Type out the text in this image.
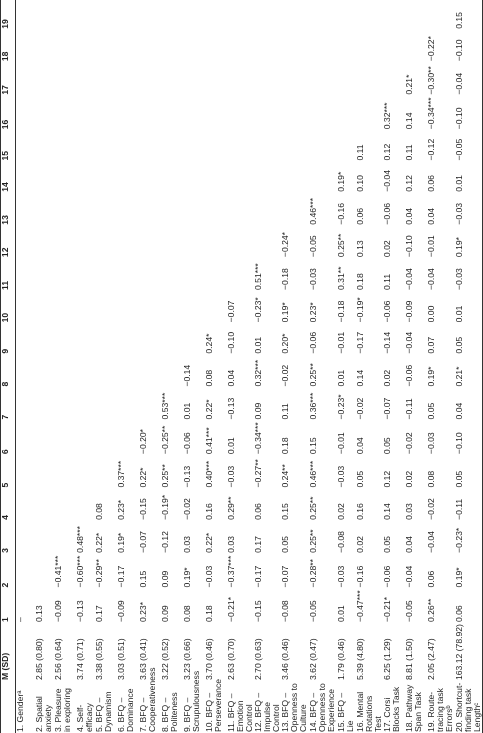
	M (SD)	1	2	3	4	5	6	7	8	9	10	11	12	13	14	15	16	17	18	19
1. Genderᵃ		–																		
2. Spatial anxiety	2.85 (0.80)	0.13																		
3. Pleasure in exploring	2.56 (0.64)	−0.09	−0.41***																	
4. Self-efficacy	3.74 (0.71)	−0.13	−0.60***	0.48***																
5. BFQ – Dynamism	3.38 (0.55)	0.17	−0.29**	0.22*	0.08															
6. BFQ – Dominance	3.03 (0.51)	−0.09	−0.17	0.19*	0.23*	0.37***														
7. BFQ – Cooperativeness	3.63 (0.41)	0.23*	0.15	−0.07	−0.15	0.22*	−0.20*													
8. BFQ – Politeness	3.22 (0.52)	0.09	0.09	−0.12	−0.19*	0.25**	−0.25**	0.53***												
9. BFQ – Scrupulousness	3.23 (0.66)	0.08	0.19*	0.03	−0.02	−0.13	−0.06	0.01	−0.14											
10. BFQ – Perseverance	3.70 (0.46)	0.18	−0.03	0.22*	0.16	0.40***	0.41***	0.22*	0.08	0.24*										
11. BFQ – Emotion Control	2.63 (0.70)	−0.21*	−0.37***	0.03	0.29**	−0.03	0.01	−0.13	0.04	−0.10	−0.07									
12. BFQ – Impulse Control	2.70 (0.63)	−0.15	−0.17	0.17	0.06	−0.27**	−0.34***	0.09	0.32***	0.01	−0.23*	0.51***								
13. BFQ – Openness to Culture	3.46 (0.46)	−0.08	−0.07	0.05	0.15	0.24**	0.18	0.11	−0.02	0.20*	0.19*	−0.18	−0.24*							
14. BFQ – Openness to Experience	3.62 (0.47)	−0.05	−0.28**	0.25**	0.25**	0.46***	0.15	0.36***	0.25**	−0.06	0.23*	−0.03	−0.05	0.46***						
15. BFQ – Lie	1.79 (0.46)	0.01	−0.03	−0.08	0.02	−0.03	−0.01	−0.23*	0.01	−0.01	−0.18	0.31**	0.25**	−0.16	0.19*					
16. Mental Rotations Test	5.39 (4.80)	−0.47***	−0.16	0.02	0.16	0.05	0.04	−0.02	0.14	−0.17	−0.19*	0.18	0.13	0.06	0.10	0.11				
17. Corsi Blocks Task	6.25 (1.29)	−0.21*	−0.06	0.05	0.14	0.12	0.05	−0.07	0.02	−0.14	−0.06	0.11	0.02	−0.06	−0.04	0.12	0.32***			
18. Pathway Span Task	8.81 (1.50)	−0.05	−0.04	0.04	0.03	0.02	−0.02	−0.11	−0.06	−0.04	−0.09	−0.04	−0.10	0.04	0.12	0.11	0.14	0.21*		
19. Route-tracing task Errorsᵇ	2.05 (2.47)	0.26**	0.06	−0.04	−0.02	0.08	−0.03	0.05	0.19*	0.07	0.00	−0.04	−0.01	0.04	0.06	−0.12	−0.34***	−0.30**	−0.22*	
20. Shortcut-finding task Lengthᶜ	163.12 (78.92)	0.06	0.19*	−0.23*	−0.11	0.05	−0.10	0.04	0.21*	0.05	0.01	−0.03	0.19*	−0.03	0.01	−0.05	−0.10	−0.04	−0.10	0.15
